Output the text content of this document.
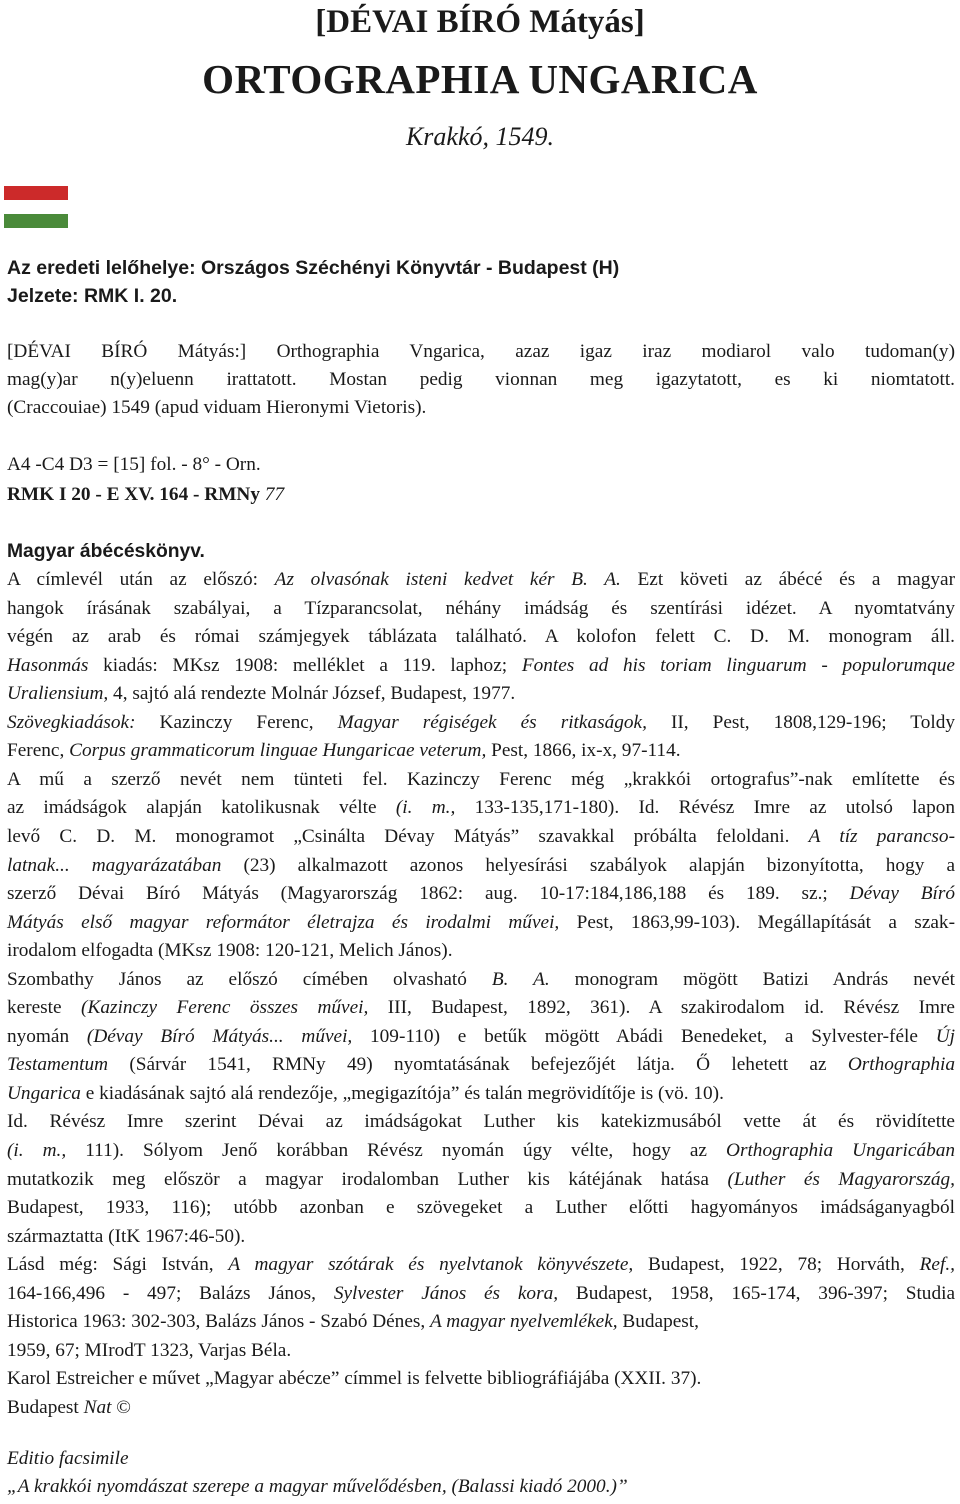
[DÉVAI BÍRÓ Mátyás]
ORTOGRAPHIA UNGARICA
Krakkó, 1549.
Az eredeti lelőhelye: Országos Széchényi Könyvtár - Budapest (H)
Jelzete: RMK I. 20.
[DÉVAI BÍRÓ Mátyás:] Orthographia Vngarica, azaz igaz iraz modiarol valo tudoman(y)
mag(y)ar n(y)eluenn irattatott. Mostan pedig vionnan meg igazytatott, es ki niomtatott.
(Craccouiae) 1549 (apud viduam Hieronymi Vietoris).
A4 -C4 D3 = [15] fol. - 8° - Orn.
RMK I 20 - E XV. 164 - RMNy 77
Magyar ábécéskönyv.
A címlevél után az előszó: Az olvasónak isteni kedvet kér B. A. Ezt követi az ábécé és a magyar
hangok írásának szabályai, a Tízparancsolat, néhány imádság és szentírási idézet. A nyomtatvány
végén az arab és római számjegyek táblázata található. A kolofon felett C. D. M. monogram áll.
Hasonmás kiadás: MKsz 1908: melléklet a 119. laphoz; Fontes ad his toriam linguarum - populorumque
Uraliensium, 4, sajtó alá rendezte Molnár József, Budapest, 1977.
Szövegkiadások: Kazinczy Ferenc, Magyar régiségek és ritkaságok, II, Pest, 1808,129-196; Toldy
Ferenc, Corpus grammaticorum linguae Hungaricae veterum, Pest, 1866, ix-x, 97-114.
A mű a szerző nevét nem tünteti fel. Kazinczy Ferenc még „krakkói ortografus”-nak említette és
az imádságok alapján katolikusnak vélte (i. m., 133-135,171-180). Id. Révész Imre az utolsó lapon
levő C. D. M. monogramot „Csinálta Dévay Mátyás” szavakkal próbálta feloldani. A tíz parancso-
latnak... magyarázatában (23) alkalmazott azonos helyesírási szabályok alapján bizonyította, hogy a
szerző Dévai Bíró Mátyás (Magyarország 1862: aug. 10-17:184,186,188 és 189. sz.; Dévay Bíró
Mátyás első magyar reformátor életrajza és irodalmi művei, Pest, 1863,99-103). Megállapítását a szak-
irodalom elfogadta (MKsz 1908: 120-121, Melich János).
Szombathy János az előszó címében olvasható B. A. monogram mögött Batizi András nevét
kereste (Kazinczy Ferenc összes művei, III, Budapest, 1892, 361). A szakirodalom id. Révész Imre
nyomán (Dévay Bíró Mátyás... művei, 109-110) e betűk mögött Abádi Benedeket, a Sylvester-féle Új
Testamentum (Sárvár 1541, RMNy 49) nyomtatásának befejezőjét látja. Ő lehetett az Orthographia
Ungarica e kiadásának sajtó alá rendezője, „megigazítója” és talán megrövidítője is (vö. 10).
Id. Révész Imre szerint Dévai az imádságokat Luther kis katekizmusából vette át és rövidítette
(i. m., 111). Sólyom Jenő korábban Révész nyomán úgy vélte, hogy az Orthographia Ungaricában
mutatkozik meg először a magyar irodalomban Luther kis kátéjának hatása (Luther és Magyarország,
Budapest, 1933, 116); utóbb azonban e szövegeket a Luther előtti hagyományos imádságanyagból
származtatta (ItK 1967:46-50).
Lásd még: Sági István, A magyar szótárak és nyelvtanok könyvészete, Budapest, 1922, 78; Horváth, Ref.,
164-166,496 - 497; Balázs János, Sylvester János és kora, Budapest, 1958, 165-174, 396-397; Studia
Historica 1963: 302-303, Balázs János - Szabó Dénes, A magyar nyelvemlékek, Budapest,
1959, 67; MIrodT 1323, Varjas Béla.
Karol Estreicher e művet „Magyar abécze” címmel is felvette bibliográfiájába (XXII. 37).
Budapest Nat ©
Editio facsimile
„A krakkói nyomdászat szerepe a magyar művelődésben, (Balassi kiadó 2000.)”
